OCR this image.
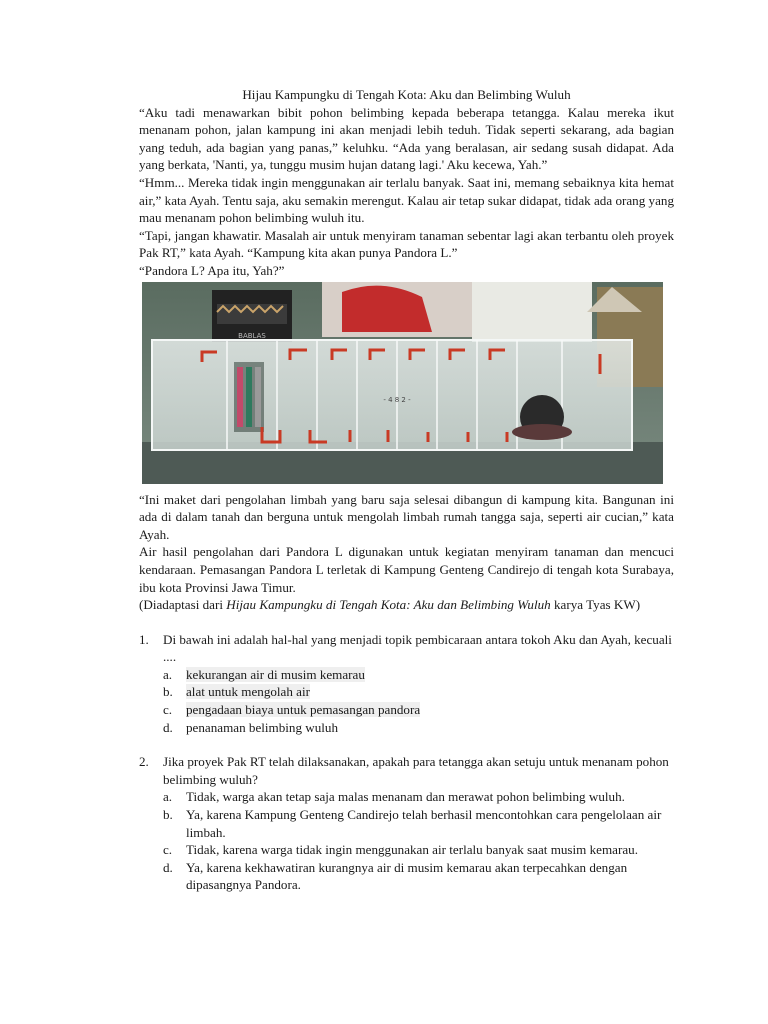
Hijau Kampungku di Tengah Kota: Aku dan Belimbing Wuluh
“Aku tadi menawarkan bibit pohon belimbing kepada beberapa tetangga. Kalau mereka ikut menanam pohon, jalan kampung ini akan menjadi lebih teduh. Tidak seperti sekarang, ada bagian yang teduh, ada bagian yang panas,” keluhku. “Ada yang beralasan, air sedang susah didapat. Ada yang berkata, 'Nanti, ya, tunggu musim hujan datang lagi.' Aku kecewa, Yah.”
“Hmm... Mereka tidak ingin menggunakan air terlalu banyak. Saat ini, memang sebaiknya kita hemat air,” kata Ayah. Tentu saja, aku semakin merengut. Kalau air tetap sukar didapat, tidak ada orang yang mau menanam pohon belimbing wuluh itu.
“Tapi, jangan khawatir. Masalah air untuk menyiram tanaman sebentar lagi akan terbantu oleh proyek Pak RT,” kata Ayah. “Kampung kita akan punya Pandora L.”
“Pandora L? Apa itu, Yah?”
BABLAS
- 4 8 2 -
“Ini maket dari pengolahan limbah yang baru saja selesai dibangun di kampung kita. Bangunan ini ada di dalam tanah dan berguna untuk mengolah limbah rumah tangga saja, seperti air cucian,” kata Ayah.
Air hasil pengolahan dari Pandora L digunakan untuk kegiatan menyiram tanaman dan mencuci kendaraan. Pemasangan Pandora L terletak di Kampung Genteng Candirejo di tengah kota Surabaya, ibu kota Provinsi Jawa Timur.
(Diadaptasi dari Hijau Kampungku di Tengah Kota: Aku dan Belimbing Wuluh karya Tyas KW)
1.	Di bawah ini adalah hal-hal yang menjadi topik pembicaraan antara tokoh Aku dan Ayah, kecuali ....
a.	kekurangan air di musim kemarau
b.	alat untuk mengolah air
c.	pengadaan biaya untuk pemasangan pandora
d.	penanaman belimbing wuluh
2.	Jika proyek Pak RT telah dilaksanakan, apakah para tetangga akan setuju untuk menanam pohon belimbing wuluh?
a.	Tidak, warga akan tetap saja malas menanam dan merawat pohon belimbing wuluh.
b.	Ya, karena Kampung Genteng Candirejo telah berhasil mencontohkan cara pengelolaan air limbah.
c.	Tidak, karena warga tidak ingin menggunakan air terlalu banyak saat musim kemarau.
d.	Ya, karena kekhawatiran kurangnya air di musim kemarau akan terpecahkan dengan dipasangnya Pandora.
